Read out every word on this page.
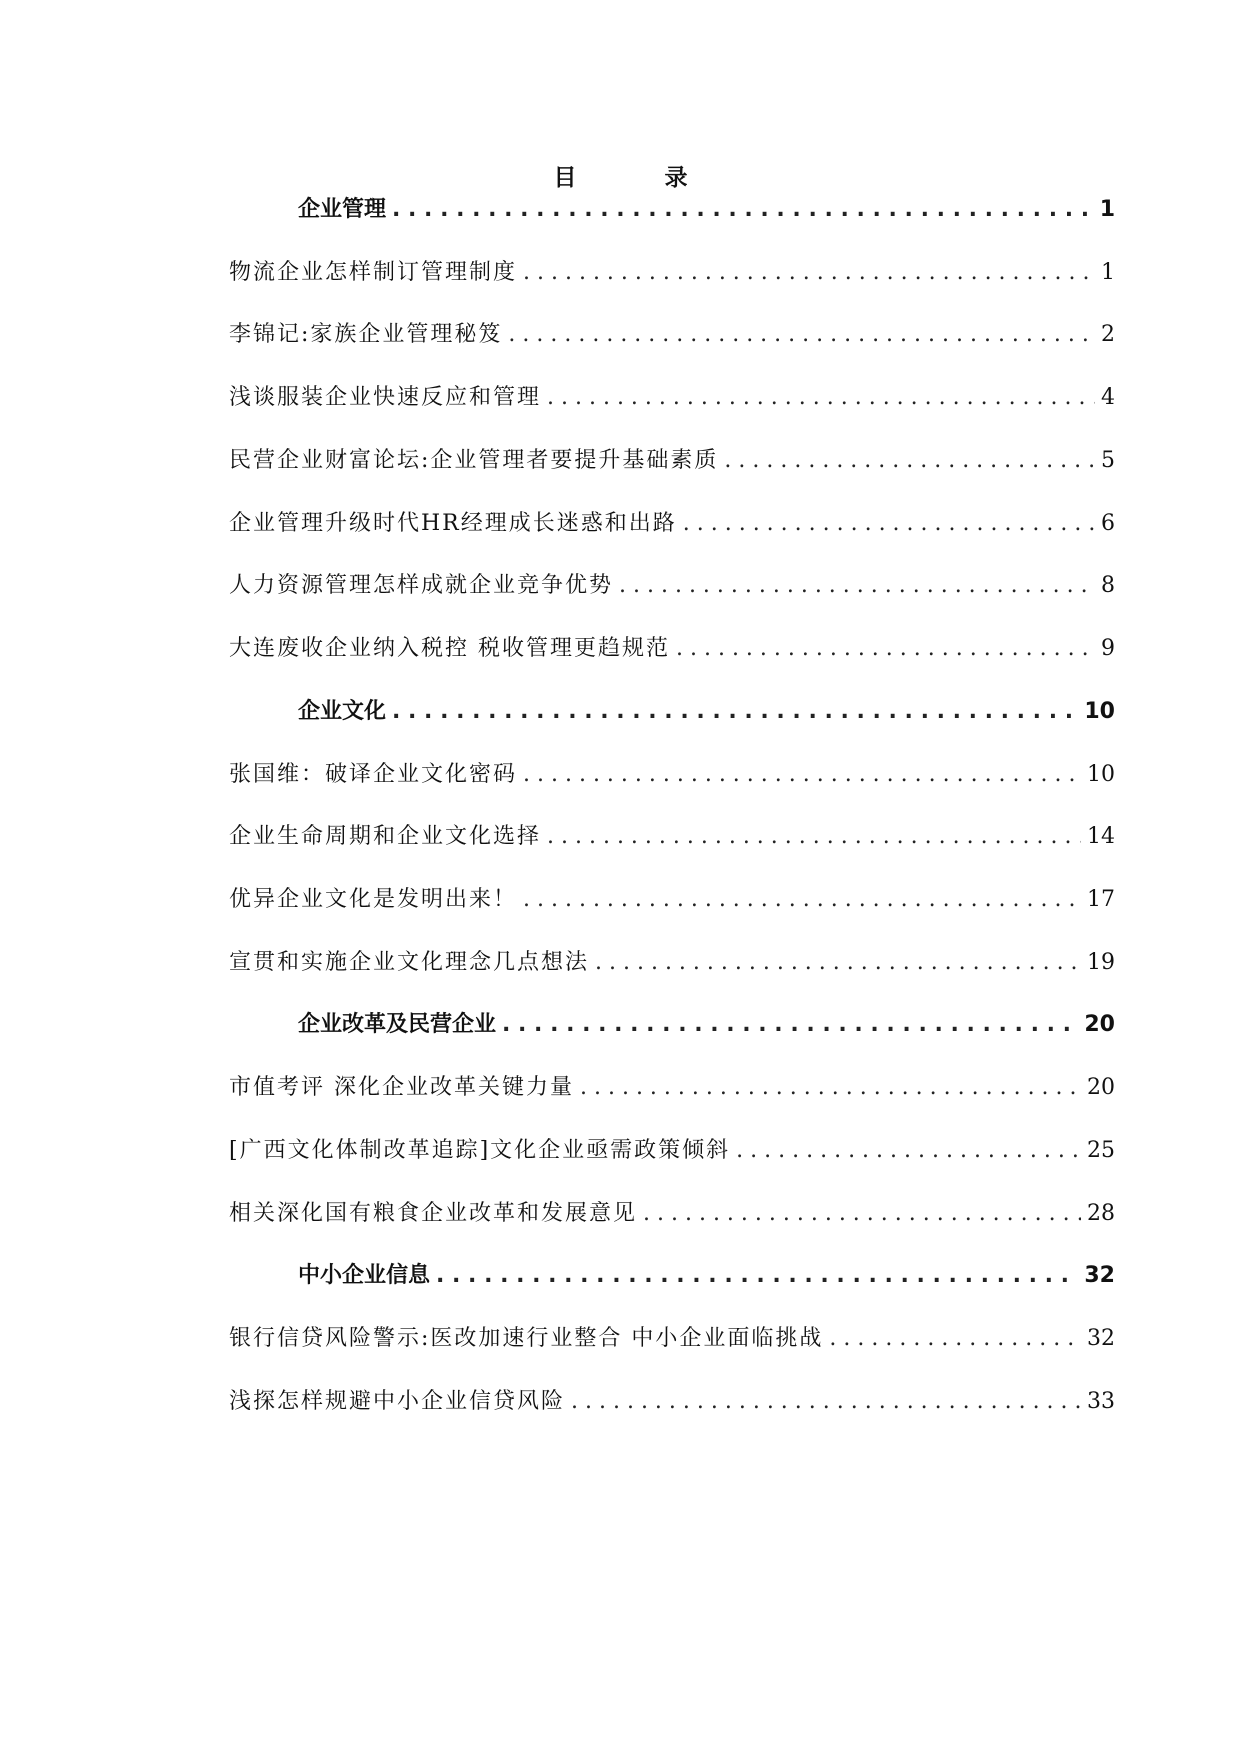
目 录
企业管理 . . .	1
物流企业怎样制订管理制度 . . .	1
李锦记:家族企业管理秘笈 . . .	2
浅谈服装企业快速反应和管理 . . .	4
民营企业财富论坛:企业管理者要提升基础素质 . . .	5
企业管理升级时代HR经理成长迷惑和出路 . . .	6
人力资源管理怎样成就企业竞争优势 . . .	8
大连废收企业纳入税控 税收管理更趋规范 . . .	9
企业文化 . . .	10
张国维：破译企业文化密码 . . .	10
企业生命周期和企业文化选择 . . .	14
优异企业文化是发明出来！ . . .	17
宣贯和实施企业文化理念几点想法 . . .	19
企业改革及民营企业 . . .	20
市值考评 深化企业改革关键力量 . . .	20
[广西文化体制改革追踪]文化企业亟需政策倾斜 . . .	25
相关深化国有粮食企业改革和发展意见 . . .	28
中小企业信息 . . .	32
银行信贷风险警示:医改加速行业整合 中小企业面临挑战 . . .	32
浅探怎样规避中小企业信贷风险 . . .	33
